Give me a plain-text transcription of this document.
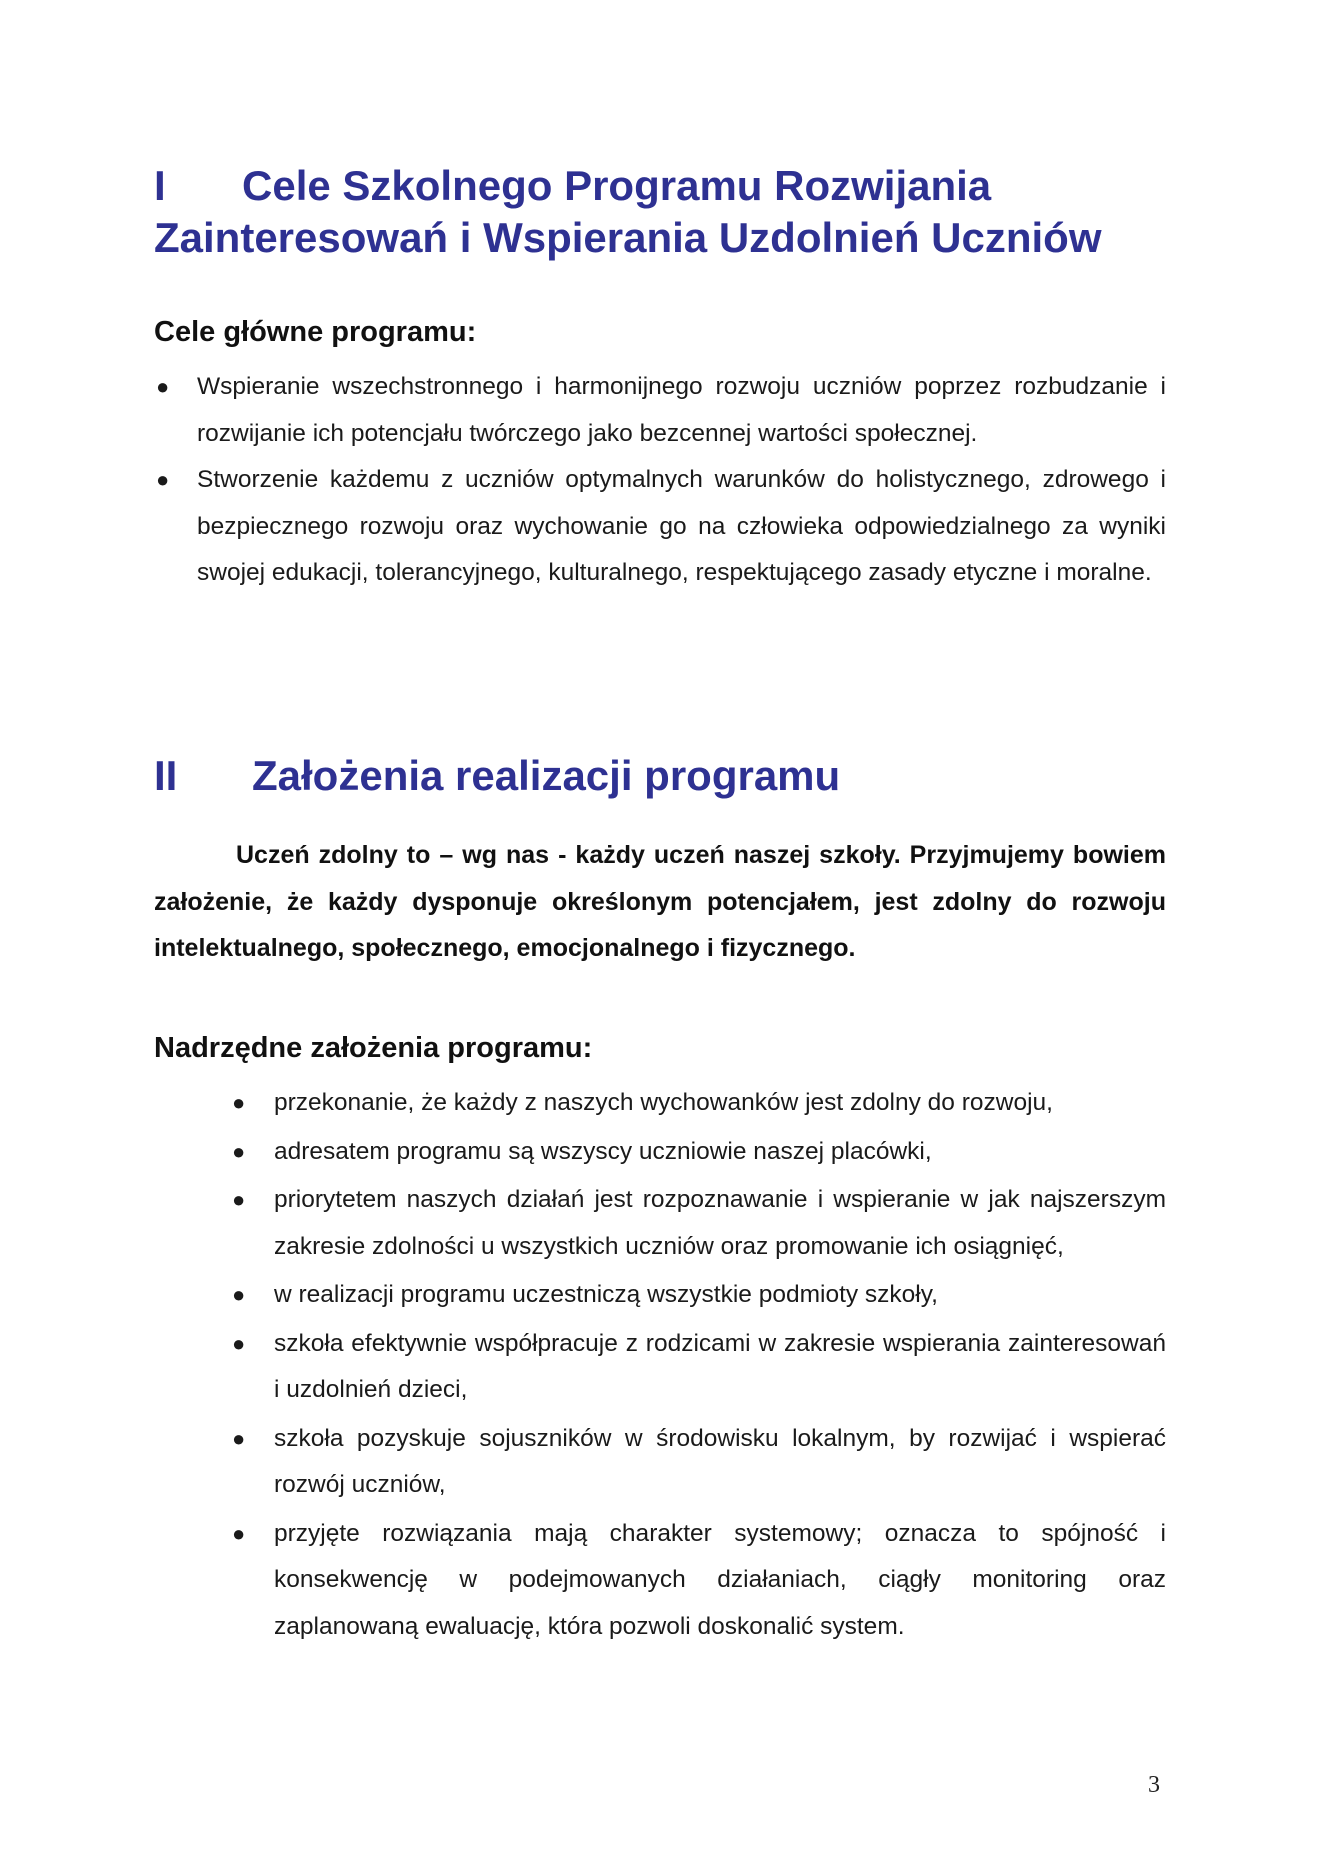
I Cele Szkolnego Programu Rozwijania
Zainteresowań i Wspierania Uzdolnień Uczniów
Cele główne programu:
● Wspieranie wszechstronnego i harmonijnego rozwoju uczniów poprzez rozbudzanie i rozwijanie ich potencjału twórczego jako bezcennej wartości społecznej.
● Stworzenie każdemu z uczniów optymalnych warunków do holistycznego, zdrowego i bezpiecznego rozwoju oraz wychowanie go na człowieka odpowiedzialnego za wyniki swojej edukacji, tolerancyjnego, kulturalnego, respektującego zasady etyczne i moralne.
II Założenia realizacji programu

Uczeń zdolny to – wg nas - każdy uczeń naszej szkoły. Przyjmujemy bowiem założenie, że każdy dysponuje określonym potencjałem, jest zdolny do rozwoju intelektualnego, społecznego, emocjonalnego i fizycznego.

Nadrzędne założenia programu:
● przekonanie, że każdy z naszych wychowanków jest zdolny do rozwoju,
● adresatem programu są wszyscy uczniowie naszej placówki,
● priorytetem naszych działań jest rozpoznawanie i wspieranie w jak najszerszym zakresie zdolności u wszystkich uczniów oraz promowanie ich osiągnięć,
● w realizacji programu uczestniczą wszystkie podmioty szkoły,
● szkoła efektywnie współpracuje z rodzicami w zakresie wspierania zainteresowań i uzdolnień dzieci,
● szkoła pozyskuje sojuszników w środowisku lokalnym, by rozwijać i wspierać rozwój uczniów,
● przyjęte rozwiązania mają charakter systemowy; oznacza to spójność i konsekwencję w podejmowanych działaniach, ciągły monitoring oraz zaplanowaną ewaluację, która pozwoli doskonalić system.
3
